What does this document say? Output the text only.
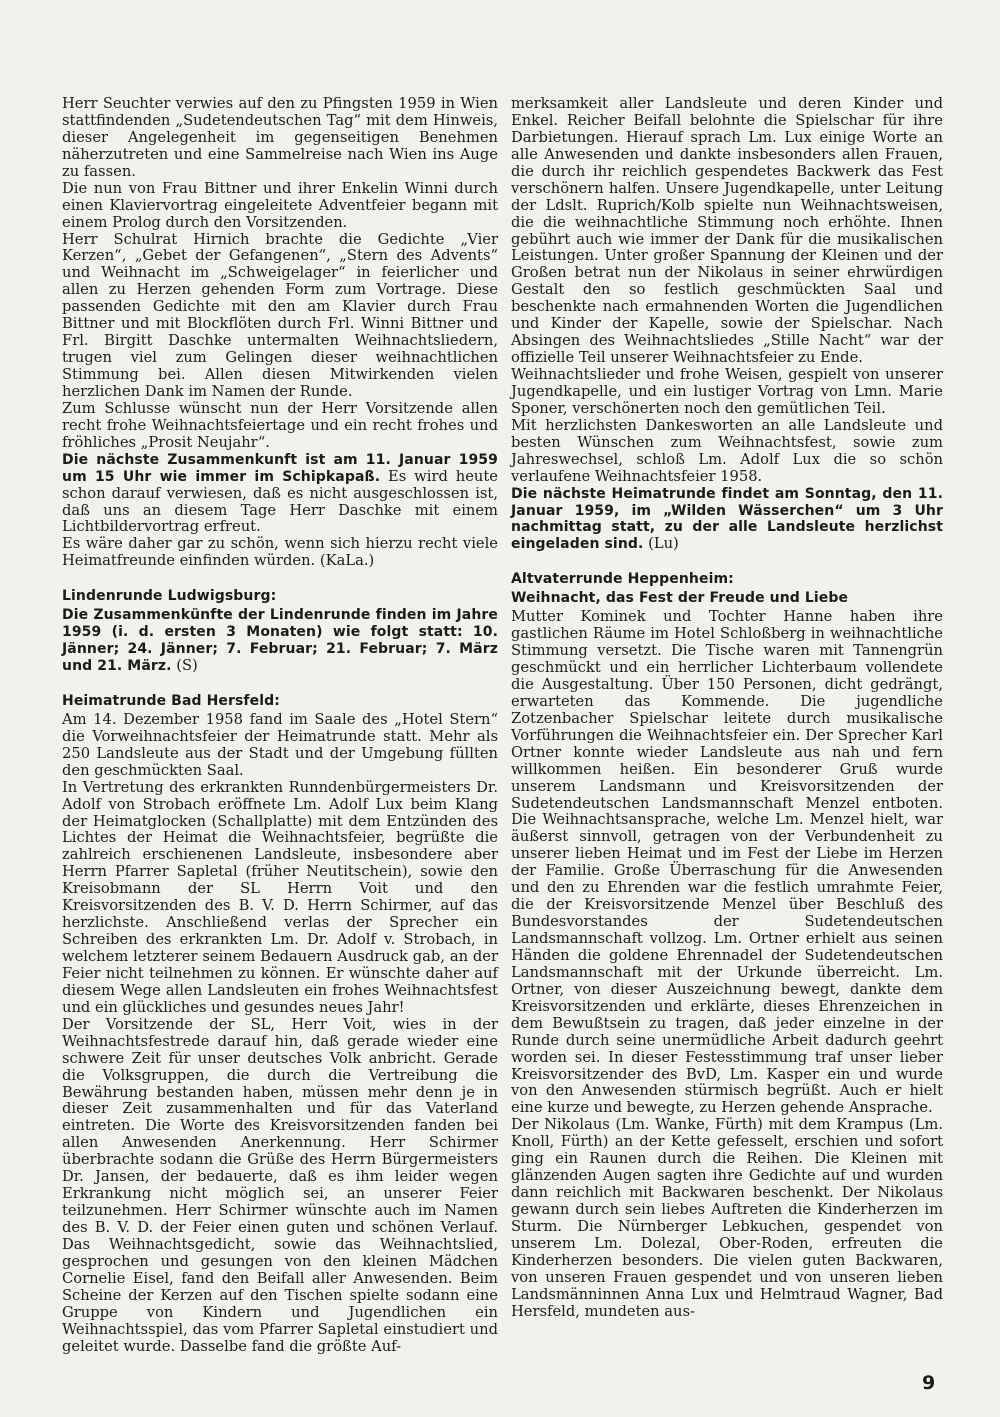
Herr Seuchter verwies auf den zu Pfingsten 1959 in Wien stattfindenden „Sudetendeutschen Tag“ mit dem Hinweis, dieser Angelegenheit im gegenseitigen Benehmen näherzutreten und eine Sammelreise nach Wien ins Auge zu fassen.

Die nun von Frau Bittner und ihrer Enkelin Winni durch einen Klaviervortrag eingeleitete Adventfeier begann mit einem Prolog durch den Vorsitzenden.

Herr Schulrat Hirnich brachte die Gedichte „Vier Kerzen“, „Gebet der Gefangenen“, „Stern des Advents“ und Weihnacht im „Schweigelager“ in feierlicher und allen zu Herzen gehenden Form zum Vortrage. Diese passenden Gedichte mit den am Klavier durch Frau Bittner und mit Blockflöten durch Frl. Winni Bittner und Frl. Birgitt Daschke untermalten Weihnachtsliedern, trugen viel zum Gelingen dieser weihnachtlichen Stimmung bei. Allen diesen Mitwirkenden vielen herzlichen Dank im Namen der Runde.

Zum Schlusse wünscht nun der Herr Vorsitzende allen recht frohe Weihnachtsfeiertage und ein recht frohes und fröhliches „Prosit Neujahr“.

Die nächste Zusammenkunft ist am 11. Januar 1959 um 15 Uhr wie immer im Schipkapaß. Es wird heute schon darauf verwiesen, daß es nicht ausgeschlossen ist, daß uns an diesem Tage Herr Daschke mit einem Lichtbildervortrag erfreut.

Es wäre daher gar zu schön, wenn sich hierzu recht viele Heimatfreunde einfinden würden. (KaLa.)

Lindenrunde Ludwigsburg:

Die Zusammenkünfte der Lindenrunde finden im Jahre 1959 (i. d. ersten 3 Monaten) wie folgt statt: 10. Jänner; 24. Jänner; 7. Februar; 21. Februar; 7. März und 21. März. (S)

Heimatrunde Bad Hersfeld:

Am 14. Dezember 1958 fand im Saale des „Hotel Stern“ die Vorweihnachtsfeier der Heimatrunde statt. Mehr als 250 Landsleute aus der Stadt und der Umgebung füllten den geschmückten Saal.

In Vertretung des erkrankten Runndenbürgermeisters Dr. Adolf von Strobach eröffnete Lm. Adolf Lux beim Klang der Heimatglocken (Schallplatte) mit dem Entzünden des Lichtes der Heimat die Weihnachtsfeier, begrüßte die zahlreich erschienenen Landsleute, insbesondere aber Herrn Pfarrer Sapletal (früher Neutitschein), sowie den Kreisobmann der SL Herrn Voit und den Kreisvorsitzenden des B. V. D. Herrn Schirmer, auf das herzlichste. Anschließend verlas der Sprecher ein Schreiben des erkrankten Lm. Dr. Adolf v. Strobach, in welchem letzterer seinem Bedauern Ausdruck gab, an der Feier nicht teilnehmen zu können. Er wünschte daher auf diesem Wege allen Landsleuten ein frohes Weihnachtsfest und ein glückliches und gesundes neues Jahr!

Der Vorsitzende der SL, Herr Voit, wies in der Weihnachtsfestrede darauf hin, daß gerade wieder eine schwere Zeit für unser deutsches Volk anbricht. Gerade die Volksgruppen, die durch die Vertreibung die Bewährung bestanden haben, müssen mehr denn je in dieser Zeit zusammenhalten und für das Vaterland eintreten. Die Worte des Kreisvorsitzenden fanden bei allen Anwesenden Anerkennung. Herr Schirmer überbrachte sodann die Grüße des Herrn Bürgermeisters Dr. Jansen, der bedauerte, daß es ihm leider wegen Erkrankung nicht möglich sei, an unserer Feier teilzunehmen. Herr Schirmer wünschte auch im Namen des B. V. D. der Feier einen guten und schönen Verlauf. Das Weihnachtsgedicht, sowie das Weihnachtslied, gesprochen und gesungen von den kleinen Mädchen Cornelie Eisel, fand den Beifall aller Anwesenden. Beim Scheine der Kerzen auf den Tischen spielte sodann eine Gruppe von Kindern und Jugendlichen ein Weihnachtsspiel, das vom Pfarrer Sapletal einstudiert und geleitet wurde. Dasselbe fand die größte Auf-

merksamkeit aller Landsleute und deren Kinder und Enkel. Reicher Beifall belohnte die Spielschar für ihre Darbietungen. Hierauf sprach Lm. Lux einige Worte an alle Anwesenden und dankte insbesonders allen Frauen, die durch ihr reichlich gespendetes Backwerk das Fest verschönern halfen. Unsere Jugendkapelle, unter Leitung der Ldslt. Ruprich/Kolb spielte nun Weihnachtsweisen, die die weihnachtliche Stimmung noch erhöhte. Ihnen gebührt auch wie immer der Dank für die musikalischen Leistungen. Unter großer Spannung der Kleinen und der Großen betrat nun der Nikolaus in seiner ehrwürdigen Gestalt den so festlich geschmückten Saal und beschenkte nach ermahnenden Worten die Jugendlichen und Kinder der Kapelle, sowie der Spielschar. Nach Absingen des Weihnachtsliedes „Stille Nacht“ war der offizielle Teil unserer Weihnachtsfeier zu Ende.

Weihnachtslieder und frohe Weisen, gespielt von unserer Jugendkapelle, und ein lustiger Vortrag von Lmn. Marie Sponer, verschönerten noch den gemütlichen Teil.

Mit herzlichsten Dankesworten an alle Landsleute und besten Wünschen zum Weihnachtsfest, sowie zum Jahreswechsel, schloß Lm. Adolf Lux die so schön verlaufene Weihnachtsfeier 1958.

Die nächste Heimatrunde findet am Sonntag, den 11. Januar 1959, im „Wilden Wässerchen“ um 3 Uhr nachmittag statt, zu der alle Landsleute herzlichst eingeladen sind. (Lu)

Altvaterrunde Heppenheim:
Weihnacht, das Fest der Freude und Liebe

Mutter Kominek und Tochter Hanne haben ihre gastlichen Räume im Hotel Schloßberg in weihnachtliche Stimmung versetzt. Die Tische waren mit Tannengrün geschmückt und ein herrlicher Lichterbaum vollendete die Ausgestaltung. Über 150 Personen, dicht gedrängt, erwarteten das Kommende. Die jugendliche Zotzenbacher Spielschar leitete durch musikalische Vorführungen die Weihnachtsfeier ein. Der Sprecher Karl Ortner konnte wieder Landsleute aus nah und fern willkommen heißen. Ein besonderer Gruß wurde unserem Landsmann und Kreisvorsitzenden der Sudetendeutschen Landsmannschaft Menzel entboten. Die Weihnachtsansprache, welche Lm. Menzel hielt, war äußerst sinnvoll, getragen von der Verbundenheit zu unserer lieben Heimat und im Fest der Liebe im Herzen der Familie. Große Überraschung für die Anwesenden und den zu Ehrenden war die festlich umrahmte Feier, die der Kreisvorsitzende Menzel über Beschluß des Bundesvorstandes der Sudetendeutschen Landsmannschaft vollzog. Lm. Ortner erhielt aus seinen Händen die goldene Ehrennadel der Sudetendeutschen Landsmannschaft mit der Urkunde überreicht. Lm. Ortner, von dieser Auszeichnung bewegt, dankte dem Kreisvorsitzenden und erklärte, dieses Ehrenzeichen in dem Bewußtsein zu tragen, daß jeder einzelne in der Runde durch seine unermüdliche Arbeit dadurch geehrt worden sei. In dieser Festesstimmung traf unser lieber Kreisvorsitzender des BvD, Lm. Kasper ein und wurde von den Anwesenden stürmisch begrüßt. Auch er hielt eine kurze und bewegte, zu Herzen gehende Ansprache.

Der Nikolaus (Lm. Wanke, Fürth) mit dem Krampus (Lm. Knoll, Fürth) an der Kette gefesselt, erschien und sofort ging ein Raunen durch die Reihen. Die Kleinen mit glänzenden Augen sagten ihre Gedichte auf und wurden dann reichlich mit Backwaren beschenkt. Der Nikolaus gewann durch sein liebes Auftreten die Kinderherzen im Sturm. Die Nürnberger Lebkuchen, gespendet von unserem Lm. Dolezal, Ober-Roden, erfreuten die Kinderherzen besonders. Die vielen guten Backwaren, von unseren Frauen gespendet und von unseren lieben Landsmänninnen Anna Lux und Helmtraud Wagner, Bad Hersfeld, mundeten aus-

9
